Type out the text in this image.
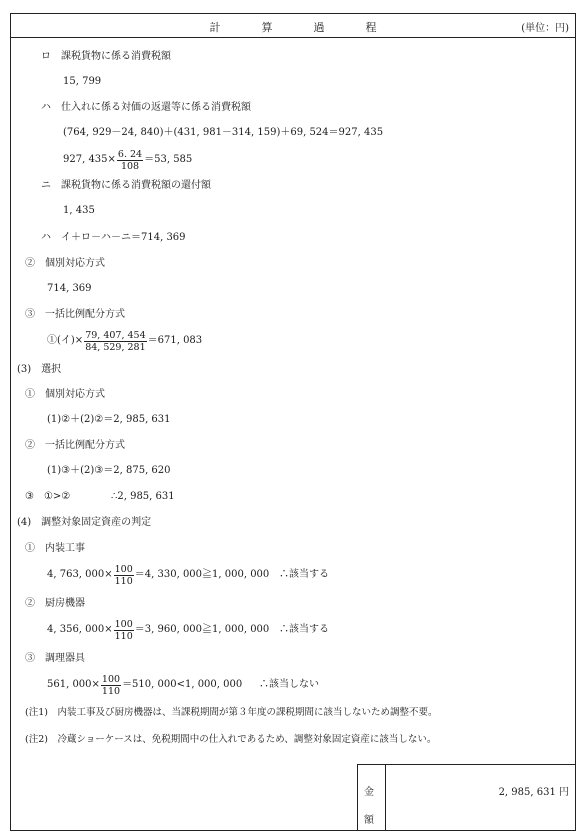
計	算	過	程	(単位：円)
ロ　課税貨物に係る消費税額
15, 799
ハ　仕入れに係る対価の返還等に係る消費税額
(764, 929－24, 840)＋(431, 981－314, 159)＋69, 524＝927, 435
927, $435\times \frac{6. 24}{108} =53$, 585
ニ　課税貨物に係る消費税額の還付額
1, 435
ハ　イ＋ロ－ハ－ニ＝714, 369
②　個別対応方式
714, 369
③　一括比例配分方式
①(イ)× $\frac{79, 407, 454}{84, 529, 281} =671$, 083
(3)　選択
①　個別対応方式
(1)②＋(2)②＝2, 985, 631
②　一括比例配分方式
(1)③＋(2)③＝2, 875, 620
③　①>②	∴2, 985, 631
(4)　調整対象固定資産の判定
①　内装工事
4, 763, $000\times \frac{100}{110} =4$, 330, 000≧1, 000, 000 ∴該当する
②　厨房機器
4, 356, $000\times \frac{100}{110} =3$, 960, 000≧1, 000, 000 ∴該当する
③　調理器具
561, $000\times \frac{100}{110} =510$, 000<1, 000, 000 ∴該当しない
(注1)　内装工事及び厨房機器は、当課税期間が第３年度の課税期間に該当しないため調整不要。
(注2)　冷蔵ショーケースは、免税期間中の仕入れであるため、調整対象固定資産に該当しない。
金
額
2, 985, 631 円
